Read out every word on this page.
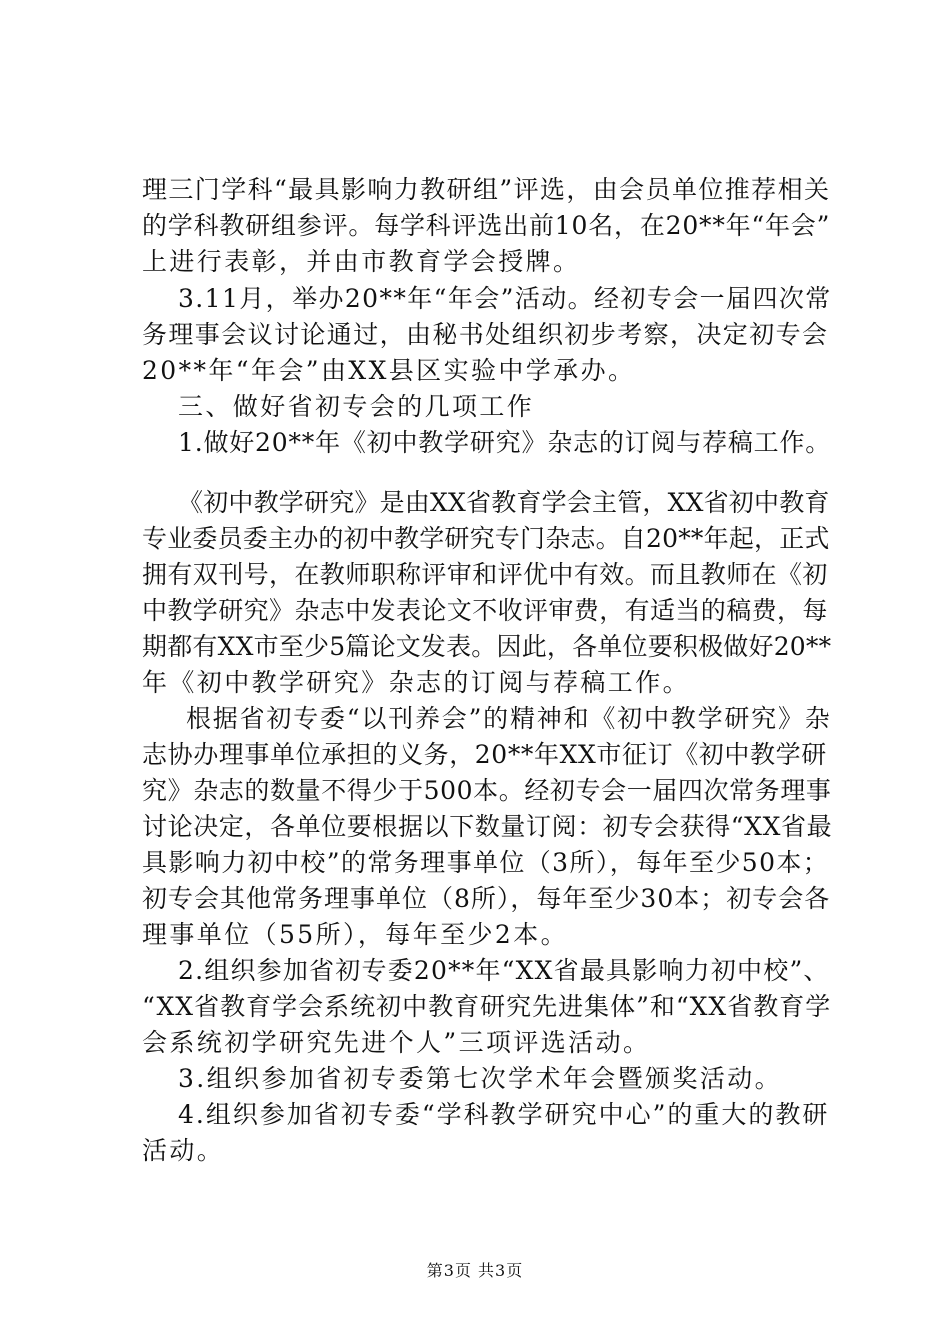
理三门学科“最具影响力教研组”评选，由会员单位推荐相关
的学科教研组参评。每学科评选出前10名，在20**年“年会”
上进行表彰，并由市教育学会授牌。
3.11月，举办20**年“年会”活动。经初专会一届四次常
务理事会议讨论通过，由秘书处组织初步考察，决定初专会
20**年“年会”由XX县区实验中学承办。
三、做好省初专会的几项工作
1.做好20**年《初中教学研究》杂志的订阅与荐稿工作。
《初中教学研究》是由XX省教育学会主管，XX省初中教育
专业委员委主办的初中教学研究专门杂志。自20**年起，正式
拥有双刊号，在教师职称评审和评优中有效。而且教师在《初
中教学研究》杂志中发表论文不收评审费，有适当的稿费，每
期都有XX市至少5篇论文发表。因此，各单位要积极做好20**
年《初中教学研究》杂志的订阅与荐稿工作。
根据省初专委“以刊养会”的精神和《初中教学研究》杂
志协办理事单位承担的义务，20**年XX市征订《初中教学研
究》杂志的数量不得少于500本。经初专会一届四次常务理事
讨论决定，各单位要根据以下数量订阅：初专会获得“XX省最
具影响力初中校”的常务理事单位（3所），每年至少50本；
初专会其他常务理事单位（8所），每年至少30本；初专会各
理事单位（55所），每年至少2本。
2.组织参加省初专委20**年“XX省最具影响力初中校”、
“XX省教育学会系统初中教育研究先进集体”和“XX省教育学
会系统初学研究先进个人”三项评选活动。
3.组织参加省初专委第七次学术年会暨颁奖活动。
4.组织参加省初专委“学科教学研究中心”的重大的教研
活动。
第3页 共3页
